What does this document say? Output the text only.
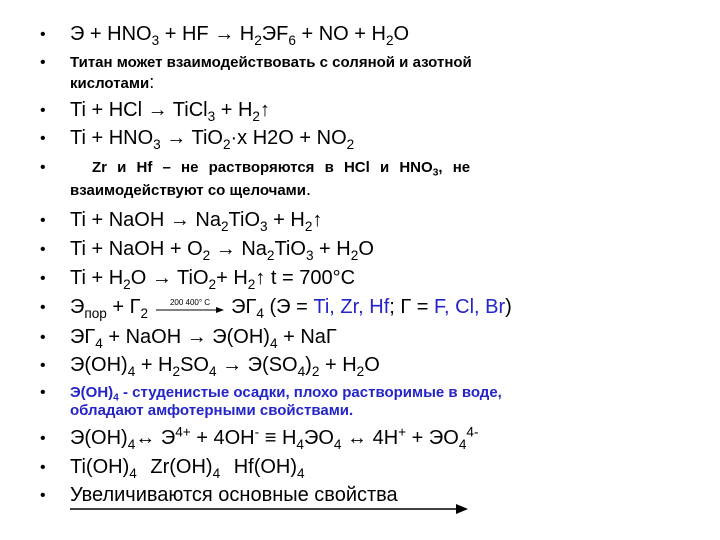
• $Э + HNO_3$ + HF → $H_2ЭF_6$ + NO + $H_2O$
• Титан может взаимодействовать с соляной и азотной
кислотами:
• Ti + HCl → TiCl$_3$ + $H_2↑$
• $Ti + HNO_3 \to TiO_2\cdot x$ $H2O + NO_2$
•	Zr и Hf – не растворяются в HCl и $HNO_3$, не
взаимодействуют со щелочами.
• Ti + NaOH → $Na_2TiO_3$ + $H_2↑$
• Ti + NaOH + $O_2 \to Na_2TiO_3 + H_2O$
• $Ti + H_2O \to TiO_2+$ $H_2↑$ t = 700°C
• $Э_{пор} + Г_2$
200 400° C $ЭГ_4$ (Э = Ti, Zr, Hf; Г = F, Cl, Br)
• $ЭГ_4$ + NaOH → $Э(OH)_4$ + NaГ
• $Э(OH)_4 + H_2SO_4 \to Э(SO_4)_2 + H_2O$
• $Э(OH)_4$ - студенистые осадки, плохо растворимые в воде,
обладают амфотерными свойствами.
• $Э(OH)_4\leftrightarrow$ $Э^{4+} + 4OH^- \equiv H_4ЭO_4$ ↔ $4H^+ + ЭO_4^{4-}$
• $Ti(OH)_4$ $Zr(OH)_4$ $Hf(OH)_4$
• Увеличиваются основные свойства
